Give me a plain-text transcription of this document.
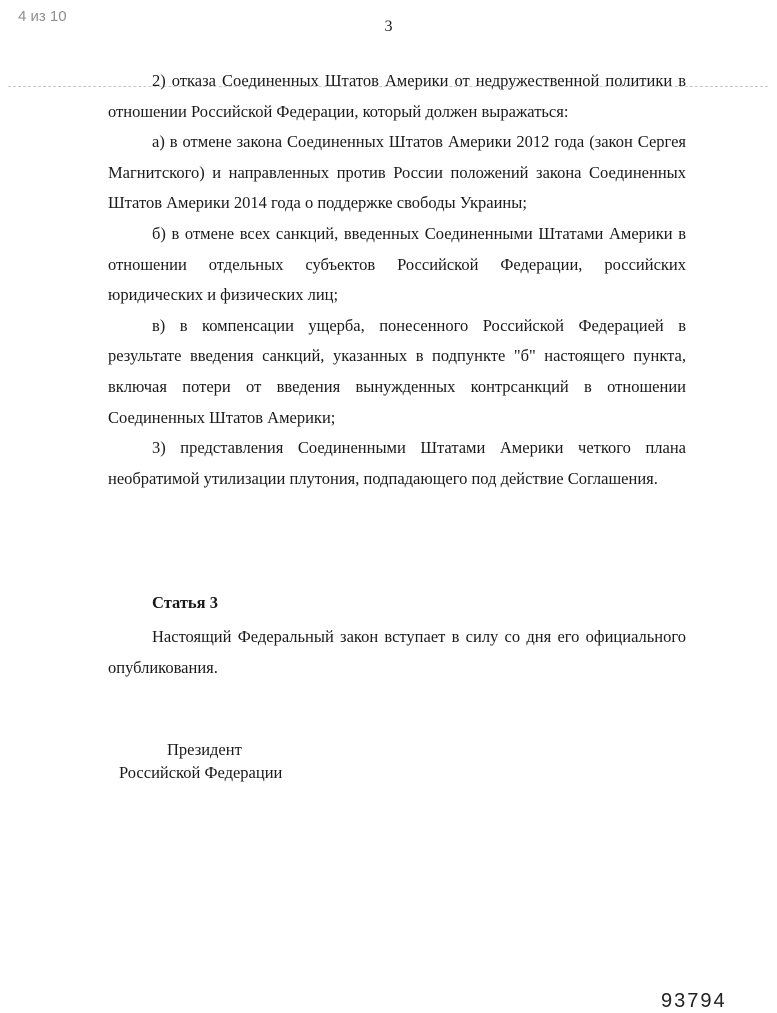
4 из 10
3

2) отказа Соединенных Штатов Америки от недружественной политики в отношении Российской Федерации, который должен выражаться:

а) в отмене закона Соединенных Штатов Америки 2012 года (закон Сергея Магнитского) и направленных против России положений закона Соединенных Штатов Америки 2014 года о поддержке свободы Украины;

б) в отмене всех санкций, введенных Соединенными Штатами Америки в отношении отдельных субъектов Российской Федерации, российских юридических и физических лиц;

в) в компенсации ущерба, понесенного Российской Федерацией в результате введения санкций, указанных в подпункте "б" настоящего пункта, включая потери от введения вынужденных контрсанкций в отношении Соединенных Штатов Америки;

3) представления Соединенными Штатами Америки четкого плана необратимой утилизации плутония, подпадающего под действие Соглашения.

Статья 3

Настоящий Федеральный закон вступает в силу со дня его официального опубликования.

Президент
Российской Федерации
93794
